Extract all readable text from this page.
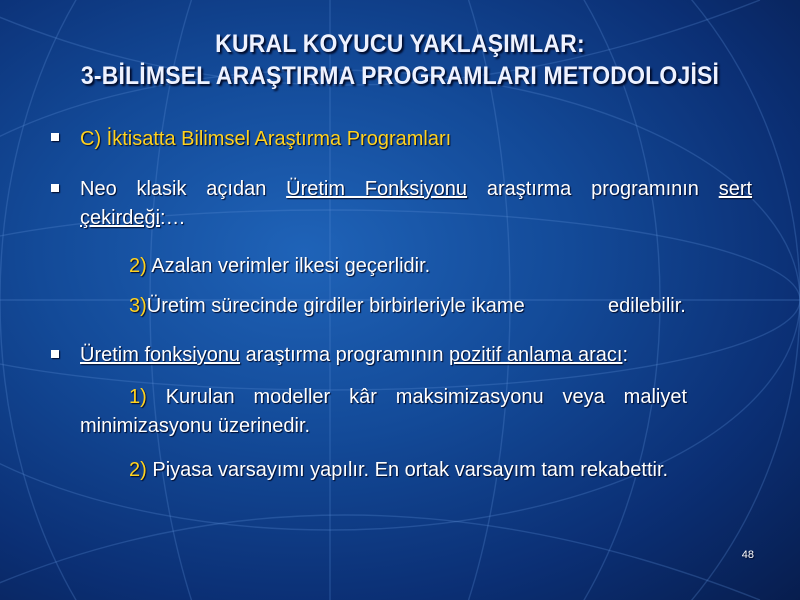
KURAL KOYUCU YAKLAŞIMLAR:
3-BİLİMSEL ARAŞTIRMA PROGRAMLARI METODOLOJİSİ
C) İktisatta Bilimsel Araştırma Programları
Neo klasik açıdan Üretim Fonksiyonu araştırma programının sert
çekirdeği:…
2) Azalan verimler ilkesi geçerlidir.
3)Üretim sürecinde girdiler birbirleriyle ikame	edilebilir.
Üretim fonksiyonu araştırma programının pozitif anlama aracı:
1) Kurulan modeller kâr maksimizasyonu veya maliyet
minimizasyonu üzerinedir.
2) Piyasa varsayımı yapılır. En ortak varsayım tam rekabettir.
48
